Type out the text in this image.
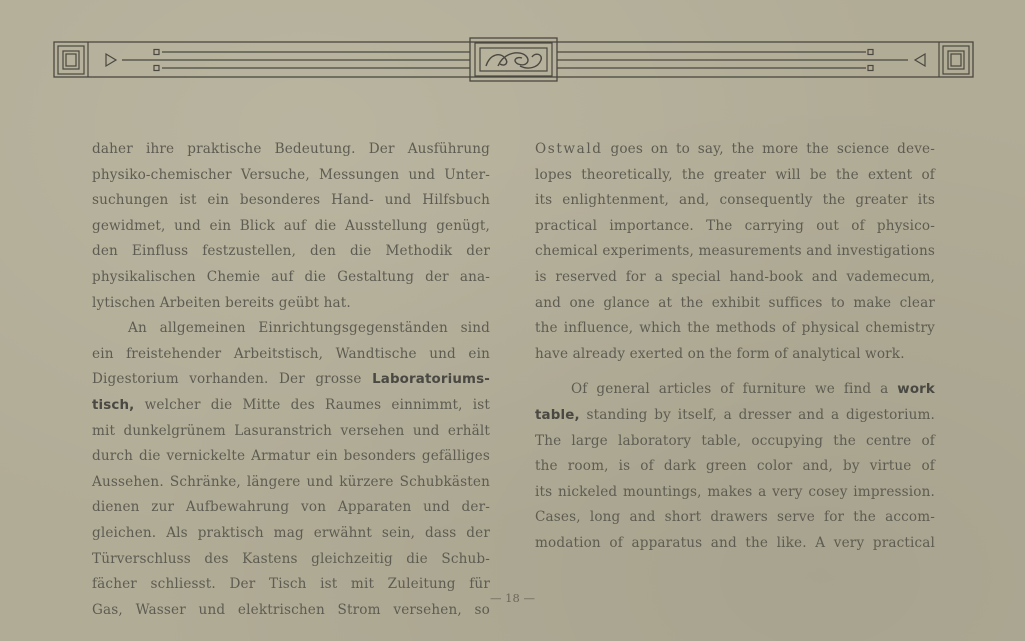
daher ihre praktische Bedeutung. Der Ausführung
physiko-chemischer Versuche, Messungen und Unter-
suchungen ist ein besonderes Hand- und Hilfsbuch
gewidmet, und ein Blick auf die Ausstellung genügt,
den Einfluss festzustellen, den die Methodik der
physikalischen Chemie auf die Gestaltung der ana-
lytischen Arbeiten bereits geübt hat.
An allgemeinen Einrichtungsgegenständen sind
ein freistehender Arbeitstisch, Wandtische und ein
Digestorium vorhanden. Der grosse Laboratoriums-
tisch, welcher die Mitte des Raumes einnimmt, ist
mit dunkelgrünem Lasuranstrich versehen und erhält
durch die vernickelte Armatur ein besonders gefälliges
Aussehen. Schränke, längere und kürzere Schubkästen
dienen zur Aufbewahrung von Apparaten und der-
gleichen. Als praktisch mag erwähnt sein, dass der
Türverschluss des Kastens gleichzeitig die Schub-
fächer schliesst. Der Tisch ist mit Zuleitung für
Gas, Wasser und elektrischen Strom versehen, so
Ostwald goes on to say, the more the science deve-
lopes theoretically, the greater will be the extent of
its enlightenment, and, consequently the greater its
practical importance. The carrying out of physico-
chemical experiments, measurements and investigations
is reserved for a special hand-book and vademecum,
and one glance at the exhibit suffices to make clear
the influence, which the methods of physical chemistry
have already exerted on the form of analytical work.
Of general articles of furniture we find a work
table, standing by itself, a dresser and a digestorium.
The large laboratory table, occupying the centre of
the room, is of dark green color and, by virtue of
its nickeled mountings, makes a very cosey impression.
Cases, long and short drawers serve for the accom-
modation of apparatus and the like. A very practical
— 18 —
